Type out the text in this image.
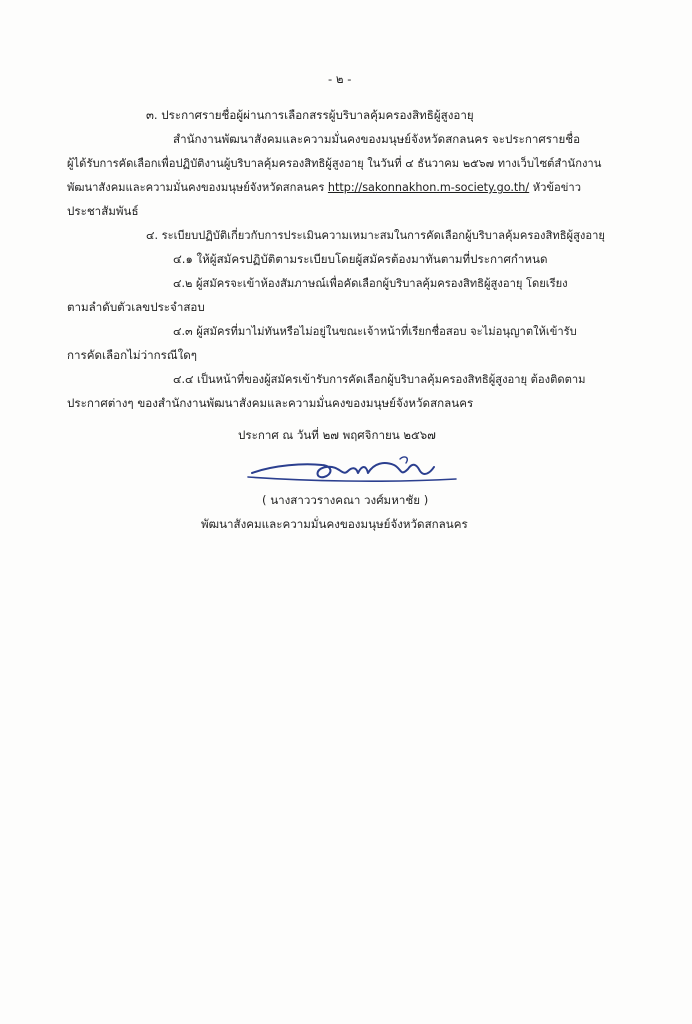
- ๒ -
๓. ประกาศรายชื่อผู้ผ่านการเลือกสรรผู้บริบาลคุ้มครองสิทธิผู้สูงอายุ
สำนักงานพัฒนาสังคมและความมั่นคงของมนุษย์จังหวัดสกลนคร จะประกาศรายชื่อ
ผู้ได้รับการคัดเลือกเพื่อปฏิบัติงานผู้บริบาลคุ้มครองสิทธิผู้สูงอายุ ในวันที่ ๔ ธันวาคม ๒๕๖๗ ทางเว็บไซต์สำนักงาน
พัฒนาสังคมและความมั่นคงของมนุษย์จังหวัดสกลนคร http://sakonnakhon.m-society.go.th/ หัวข้อข่าว
ประชาสัมพันธ์
๔. ระเบียบปฏิบัติเกี่ยวกับการประเมินความเหมาะสมในการคัดเลือกผู้บริบาลคุ้มครองสิทธิผู้สูงอายุ
๔.๑ ให้ผู้สมัครปฏิบัติตามระเบียบโดยผู้สมัครต้องมาทันตามที่ประกาศกำหนด
๔.๒ ผู้สมัครจะเข้าห้องสัมภาษณ์เพื่อคัดเลือกผู้บริบาลคุ้มครองสิทธิผู้สูงอายุ โดยเรียง
ตามลำดับตัวเลขประจำสอบ
๔.๓ ผู้สมัครที่มาไม่ทันหรือไม่อยู่ในขณะเจ้าหน้าที่เรียกชื่อสอบ จะไม่อนุญาตให้เข้ารับ
การคัดเลือกไม่ว่ากรณีใดๆ
๔.๔ เป็นหน้าที่ของผู้สมัครเข้ารับการคัดเลือกผู้บริบาลคุ้มครองสิทธิผู้สูงอายุ ต้องติดตาม
ประกาศต่างๆ ของสำนักงานพัฒนาสังคมและความมั่นคงของมนุษย์จังหวัดสกลนคร
ประกาศ ณ วันที่ ๒๗ พฤศจิกายน ๒๕๖๗
( นางสาววรางคณา วงศ์มหาชัย )
พัฒนาสังคมและความมั่นคงของมนุษย์จังหวัดสกลนคร
